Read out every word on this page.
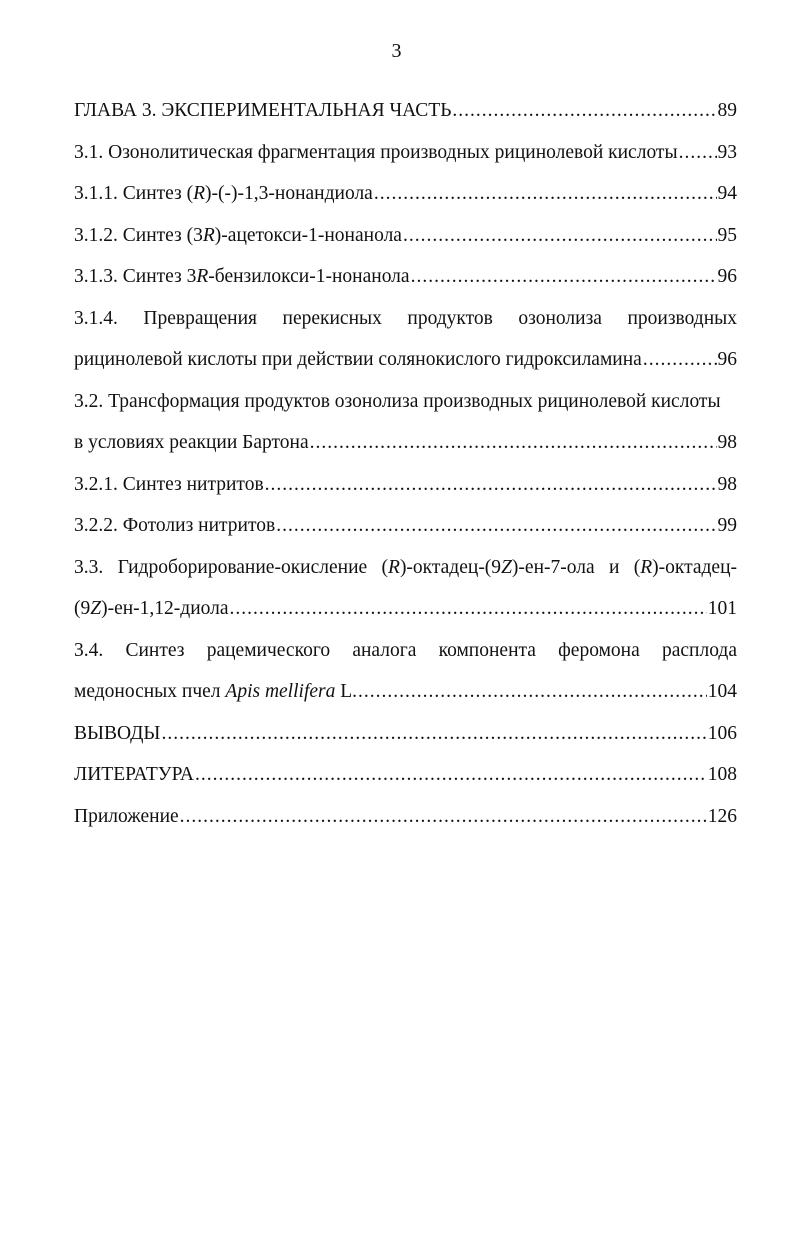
3
ГЛАВА 3. ЭКСПЕРИМЕНТАЛЬНАЯ ЧАСТЬ .....	89
3.1. Озонолитическая фрагментация производных рицинолевой кислоты ..... 93
3.1.1. Синтез (R)-(-)-1,3-нонандиола .....	94
3.1.2. Синтез (3R)-ацетокси-1-нонанола .....	95
3.1.3. Синтез 3R-бензилокси-1-нонанола .....	96
3.1.4. Превращения перекисных продуктов озонолиза производных
рицинолевой кислоты при действии солянокислого гидроксиламина .....	96
3.2. Трансформация продуктов озонолиза производных рицинолевой кислоты
в условиях реакции Бартона .....	98
3.2.1. Синтез нитритов .....	98
3.2.2. Фотолиз нитритов .....	99
3.3. Гидроборирование-окисление (R)-октадец-(9Z)-ен-7-ола и (R)-октадец-
(9Z)-ен-1,12-диола .....	101
3.4. Синтез рацемического аналога компонента феромона расплода
медоносных пчел Apis mellifera L. .....	104
ВЫВОДЫ .....	106
ЛИТЕРАТУРА .....	108
Приложение .....	126
